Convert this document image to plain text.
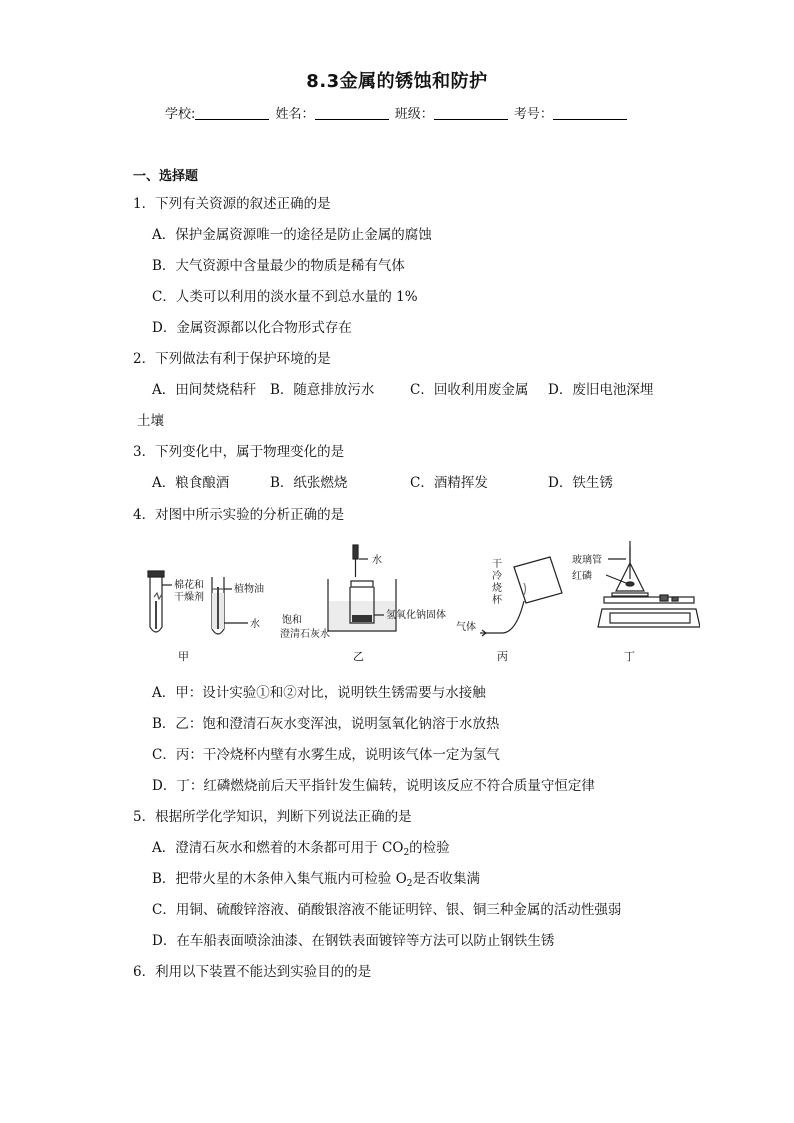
8.3金属的锈蚀和防护
学校:	姓名：	班级：	考号：
一、选择题
1．下列有关资源的叙述正确的是
A．保护金属资源唯一的途径是防止金属的腐蚀
B．大气资源中含量最少的物质是稀有气体
C．人类可以利用的淡水量不到总水量的 1%
D．金属资源都以化合物形式存在
2．下列做法有利于保护环境的是
A．田间焚烧秸秆 B．随意排放污水	C．回收利用废金属 D．废旧电池深埋
土壤
3．下列变化中，属于物理变化的是
A．粮食酿酒	B．纸张燃烧	C．酒精挥发	D．铁生锈
4．对图中所示实验的分析正确的是
棉花和
干燥剂
植物油
水
甲
水
饱和
澄清石灰水
氢氧化钠固体
乙
干
冷
烧
杯
气体
丙
玻璃管
红磷
丁
A．甲：设计实验①和②对比，说明铁生锈需要与水接触
B．乙：饱和澄清石灰水变浑浊，说明氢氧化钠溶于水放热
C．丙：干冷烧杯内壁有水雾生成，说明该气体一定为氢气
D．丁：红磷燃烧前后天平指针发生偏转，说明该反应不符合质量守恒定律
5．根据所学化学知识，判断下列说法正确的是
A．澄清石灰水和燃着的木条都可用于 $CO_2$的检验
B．把带火星的木条伸入集气瓶内可检验 $O_2$是否收集满
C．用铜、硫酸锌溶液、硝酸银溶液不能证明锌、银、铜三种金属的活动性强弱
D．在车船表面喷涂油漆、在钢铁表面镀锌等方法可以防止钢铁生锈
6．利用以下装置不能达到实验目的的是
